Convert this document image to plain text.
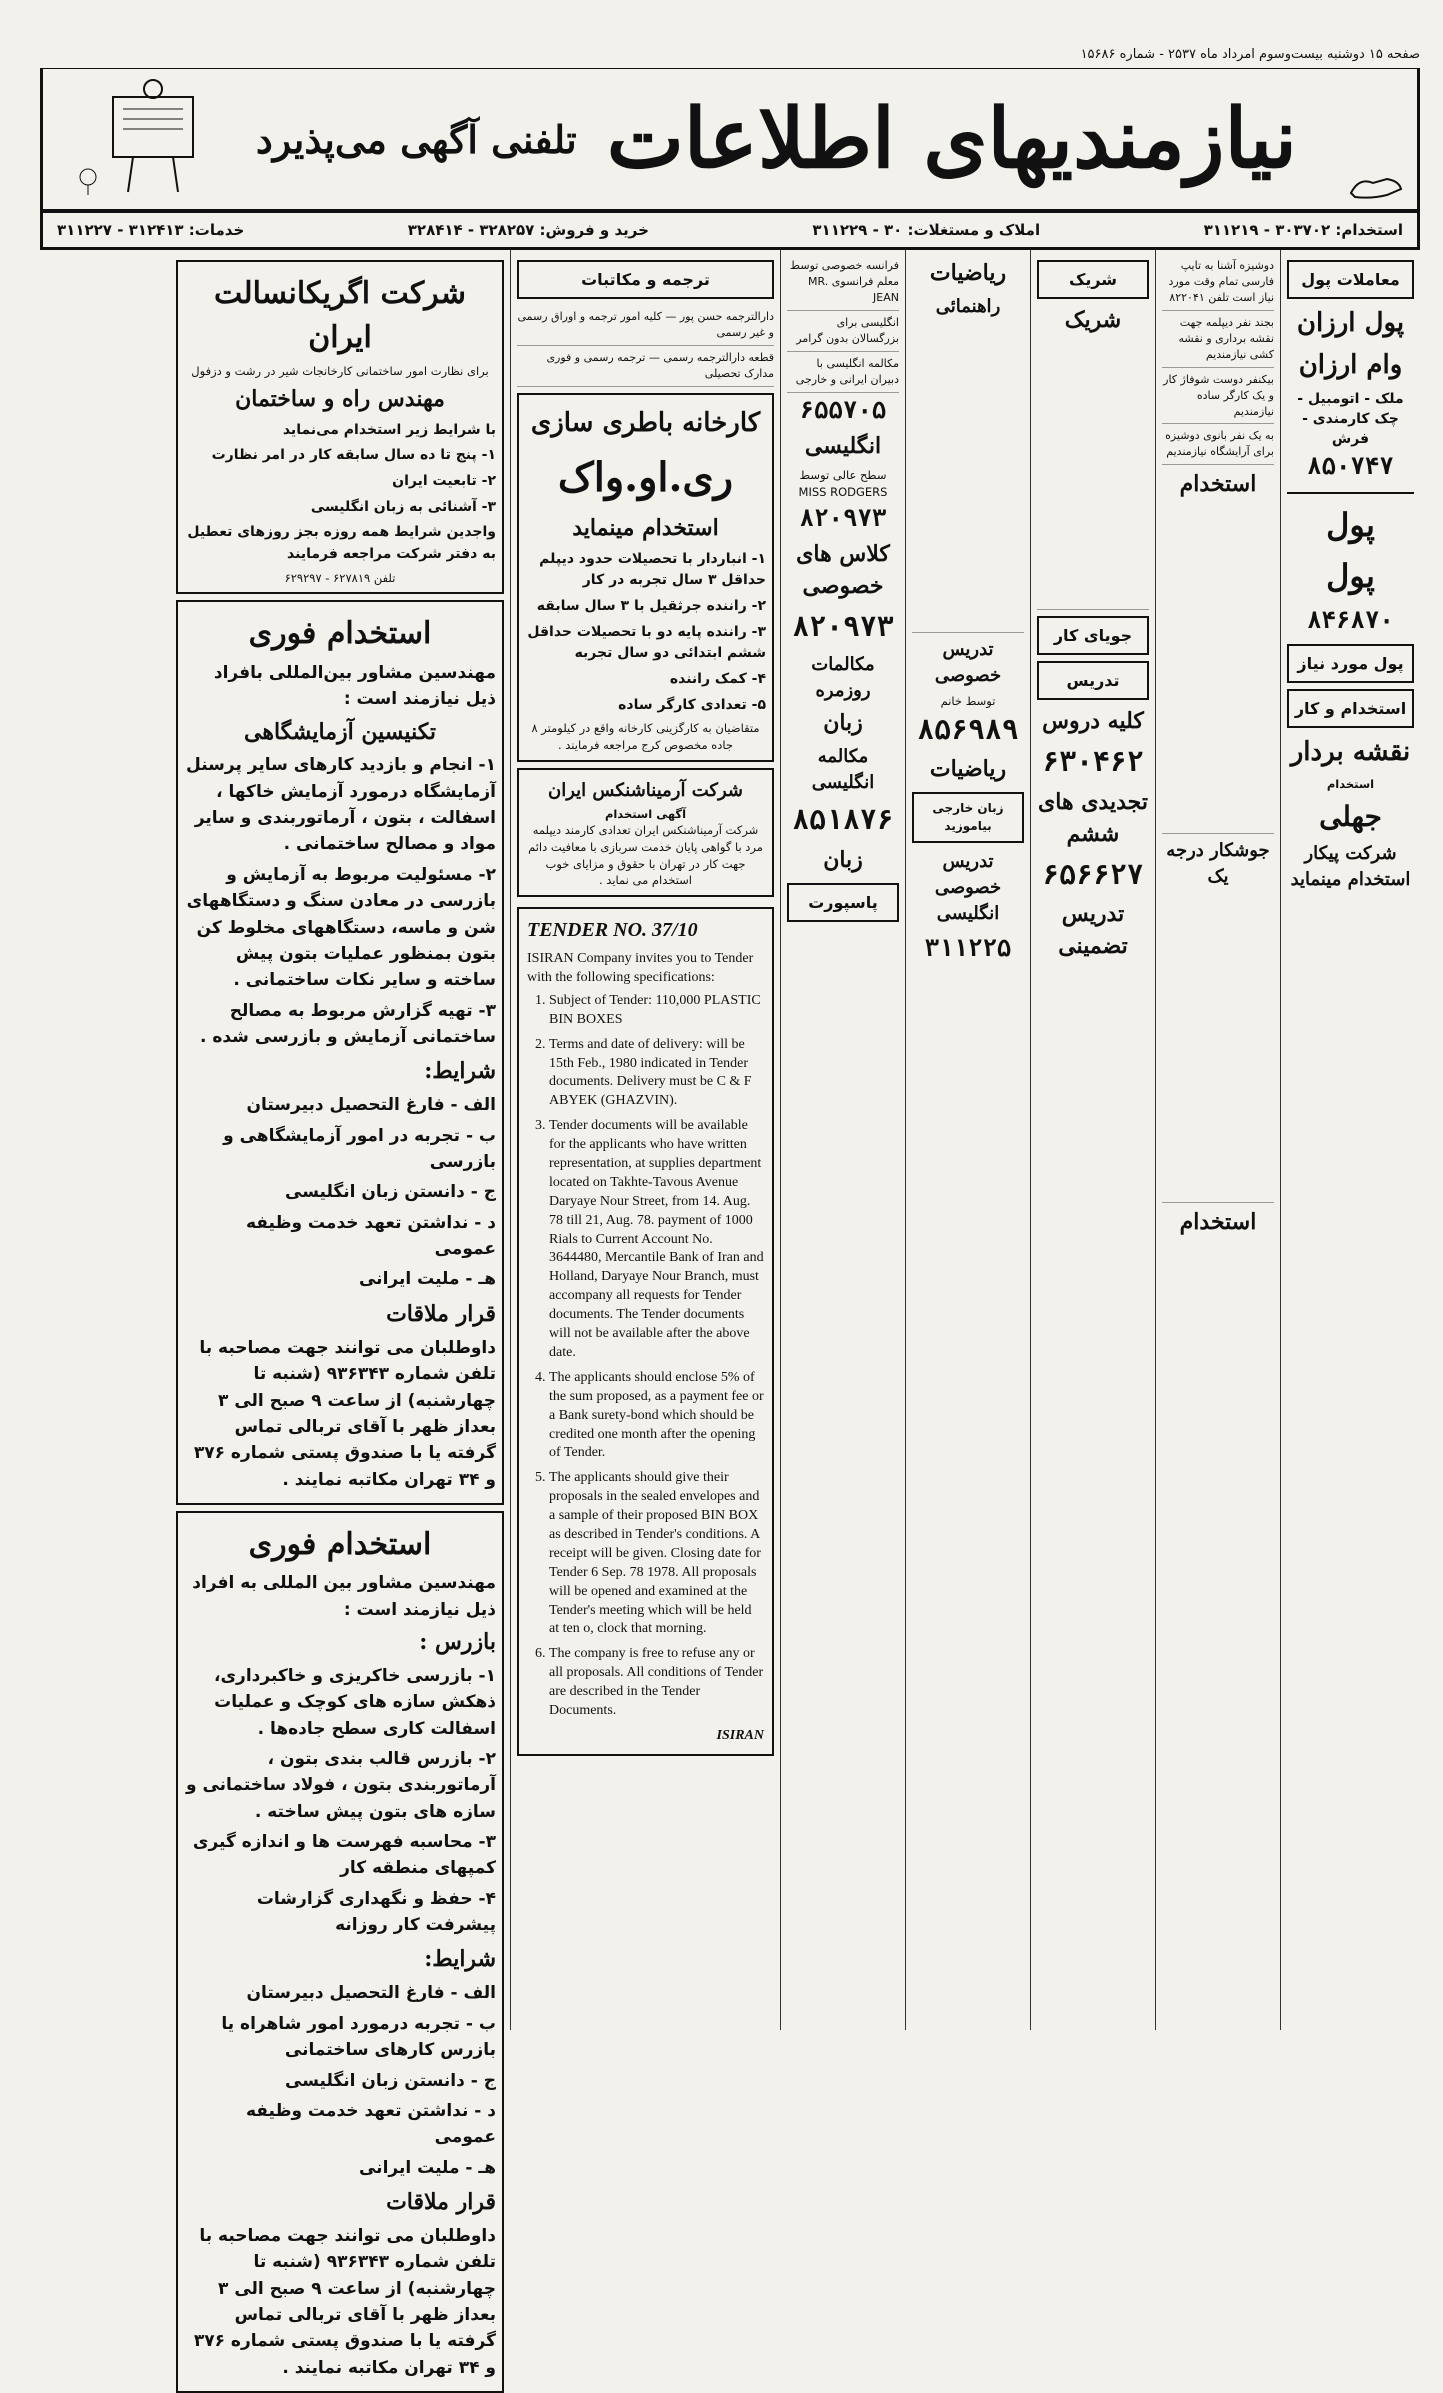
صفحه ۱۵ دوشنبه بیست‌وسوم امرداد ماه ۲۵۳۷ - شماره ۱۵۶۸۶
نیازمندیهای اطلاعات
تلفنی آگهی می‌پذیرد
استخدام: ۳۰۳۷۰۲ - ۳۱۱۲۱۹
املاک و مستغلات: ۳۰ - ۳۱۱۲۲۹
خرید و فروش: ۳۲۸۲۵۷ - ۳۲۸۴۱۴
خدمات: ۳۱۲۴۱۳ - ۳۱۱۲۲۷
معاملات پول
پول ارزان
وام ارزان
ملک - اتومبیل - چک کارمندی - فرش
۸۵۰۷۴۷
پول
پول
۸۴۶۸۷۰
پول مورد نیاز
استخدام و کار
نقشه بردار
استخدام
جهلی
شرکت پیکار استخدام مینماید
دوشیزه آشنا به تایپ فارسی تمام وقت مورد نیاز است تلفن ۸۲۲۰۴۱
بجند نفر دیپلمه جهت نقشه برداری و نقشه کشی نیازمندیم
بیکنفر دوست شوفاژ کار و یک کارگر ساده نیازمندیم
به یک نفر بانوی دوشیزه برای آرایشگاه نیازمندیم
استخدام
جوشکار درجه یک
استخدام
شریک
شریک
جویای کار
تدریس
کلیه دروس
۶۳۰۴۶۲
تجدیدی های ششم
۶۵۶۶۲۷
تدریس تضمینی
ریاضیات
راهنمائی
تدریس خصوصی
توسط خانم
۸۵۶۹۸۹
ریاضیات
زبان خارجی بیاموزید
تدریس خصوصی انگلیسی
۳۱۱۲۲۵
فرانسه خصوصی توسط معلم فرانسوی MR. JEAN
انگلیسی برای بزرگسالان بدون گرامر
مکالمه انگلیسی با دبیران ایرانی و خارجی
۶۵۵۷۰۵
انگلیسی
سطح عالی توسط MISS RODGERS
۸۲۰۹۷۳
کلاس های خصوصی
۸۲۰۹۷۳
مکالمات روزمره
زبان
مکالمه انگلیسی
۸۵۱۸۷۶
زبان
پاسپورت
ترجمه و مکاتبات
دارالترجمه حسن پور — کلیه امور ترجمه و اوراق رسمی و غیر رسمی
قطعه دارالترجمه رسمی — ترجمه رسمی و فوری مدارک تحصیلی
کارخانه باطری سازی
ری.او.واک
استخدام مینماید

۱- انباردار با تحصیلات حدود دیپلم حداقل ۳ سال تجربه در کار

۲- راننده جرثقیل با ۳ سال سابقه

۳- راننده پایه دو با تحصیلات حداقل ششم ابتدائی دو سال تجربه

۴- کمک راننده

۵- تعدادی کارگر ساده

متقاضیان به کارگزینی کارخانه واقع در کیلومتر ۸ جاده مخصوص کرج مراجعه فرمایند .
شرکت آرمیناشنکس ایران
آگهی استخدام
شرکت آرمیناشنکس ایران تعدادی کارمند دیپلمه مرد با گواهی پایان خدمت سربازی با معافیت دائم جهت کار در تهران با حقوق و مزایای خوب استخدام می نماید .
TENDER NO. 37/10
ISIRAN Company invites you to Tender with the following specifications:
1. Subject of Tender: 110,000 PLASTIC BIN BOXES
2. Terms and date of delivery: will be 15th Feb., 1980 indicated in Tender documents. Delivery must be C & F ABYEK (GHAZVIN).
3. Tender documents will be available for the applicants who have written representation, at supplies department located on Takhte-Tavous Avenue Daryaye Nour Street, from 14. Aug. 78 till 21, Aug. 78. payment of 1000 Rials to Current Account No. 3644480, Mercantile Bank of Iran and Holland, Daryaye Nour Branch, must accompany all requests for Tender documents. The Tender documents will not be available after the above date.
4. The applicants should enclose 5% of the sum proposed, as a payment fee or a Bank surety-bond which should be credited one month after the opening of Tender.
5. The applicants should give their proposals in the sealed envelopes and a sample of their proposed BIN BOX as described in Tender's conditions. A receipt will be given. Closing date for Tender 6 Sep. 78 1978. All proposals will be opened and examined at the Tender's meeting which will be held at ten o, clock that morning.
6. The company is free to refuse any or all proposals. All conditions of Tender are described in the Tender Documents.
ISIRAN
شرکت اگریکانسالت ایران
برای نظارت امور ساختمانی کارخانجات شیر در رشت و دزفول
مهندس راه و ساختمان

با شرایط زیر استخدام می‌نماید

۱- پنج تا ده سال سابقه کار در امر نظارت

۲- تابعیت ایران

۳- آشنائی به زبان انگلیسی

واجدین شرایط همه روزه بجز روزهای تعطیل به دفتر شرکت مراجعه فرمایند

تلفن ۶۲۷۸۱۹ - ۶۲۹۲۹۷
استخدام فوری
مهندسین مشاور بین‌المللی بافراد ذیل نیازمند است :
تکنیسین آزمایشگاهی

۱- انجام و بازدید کارهای سایر پرسنل آزمایشگاه درمورد آزمایش خاکها ، اسفالت ، بتون ، آرماتوربندی و سایر مواد و مصالح ساختمانی .

۲- مسئولیت مربوط به آزمایش و بازرسی در معادن سنگ و دستگاههای شن و ماسه، دستگاههای مخلوط کن بتون بمنظور عملیات بتون پیش ساخته و سایر نکات ساختمانی .

۳- تهیه گزارش مربوط به مصالح ساختمانی آزمایش و بازرسی شده .

شرایط:

الف - فارغ التحصیل دبیرستان

ب - تجربه در امور آزمایشگاهی و بازرسی

ج - دانستن زبان انگلیسی

د - نداشتن تعهد خدمت وظیفه عمومی

هـ - ملیت ایرانی

قرار ملاقات

داوطلبان می توانند جهت مصاحبه با تلفن شماره ۹۳۶۳۴۳ (شنبه تا چهارشنبه) از ساعت ۹ صبح الی ۳ بعداز ظهر با آقای تربالی تماس گرفته یا با صندوق پستی شماره ۳۷۶ و ۳۴ تهران مکاتبه نمایند .

استخدام فوری
مهندسین مشاور بین المللی به افراد ذیل نیازمند است :
بازرس :

۱- بازرسی خاکریزی و خاکبرداری، ذهکش سازه های کوچک و عملیات اسفالت کاری سطح جاده‌ها .

۲- بازرس قالب بندی بتون ، آرماتوربندی بتون ، فولاد ساختمانی و سازه های بتون پیش ساخته .

۳- محاسبه فهرست ها و اندازه گیری کمپهای منطقه کار

۴- حفظ و نگهداری گزارشات پیشرفت کار روزانه

شرایط:

الف - فارغ التحصیل دبیرستان

ب - تجربه درمورد امور شاهراه یا بازرس کارهای ساختمانی

ج - دانستن زبان انگلیسی

د - نداشتن تعهد خدمت وظیفه عمومی

هـ - ملیت ایرانی

قرار ملاقات

داوطلبان می توانند جهت مصاحبه با تلفن شماره ۹۳۶۳۴۳ (شنبه تا چهارشنبه) از ساعت ۹ صبح الی ۳ بعداز ظهر با آقای تربالی تماس گرفته یا با صندوق پستی شماره ۳۷۶ و ۳۴ تهران مکاتبه نمایند .
